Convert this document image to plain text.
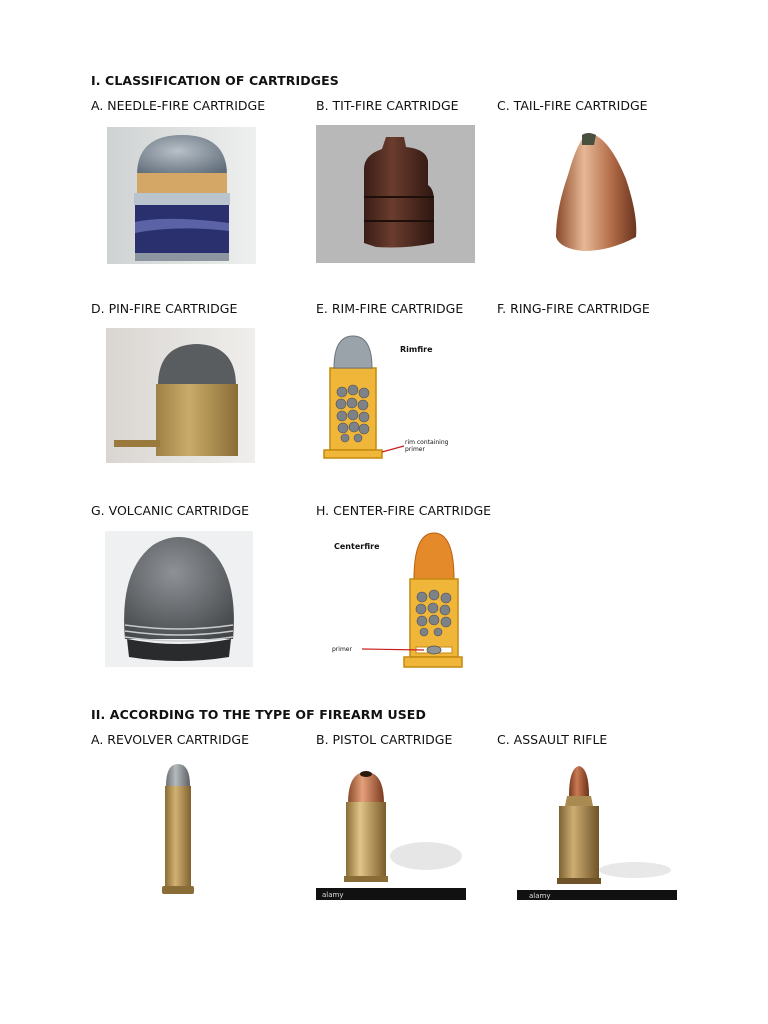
I. CLASSIFICATION OF CARTRIDGES
A. NEEDLE-FIRE CARTRIDGE	B. TIT-FIRE CARTRIDGE	C. TAIL-FIRE CARTRIDGE
D. PIN-FIRE CARTRIDGE	E. RIM-FIRE CARTRIDGE	F. RING-FIRE CARTRIDGE
Rimfire
rim containing
primer
G. VOLCANIC CARTRIDGE	H. CENTER-FIRE CARTRIDGE
Centerfire
primer
II. ACCORDING TO THE TYPE OF FIREARM USED
A. REVOLVER CARTRIDGE	B. PISTOL CARTRIDGE	C. ASSAULT RIFLE
alamy	alamy
